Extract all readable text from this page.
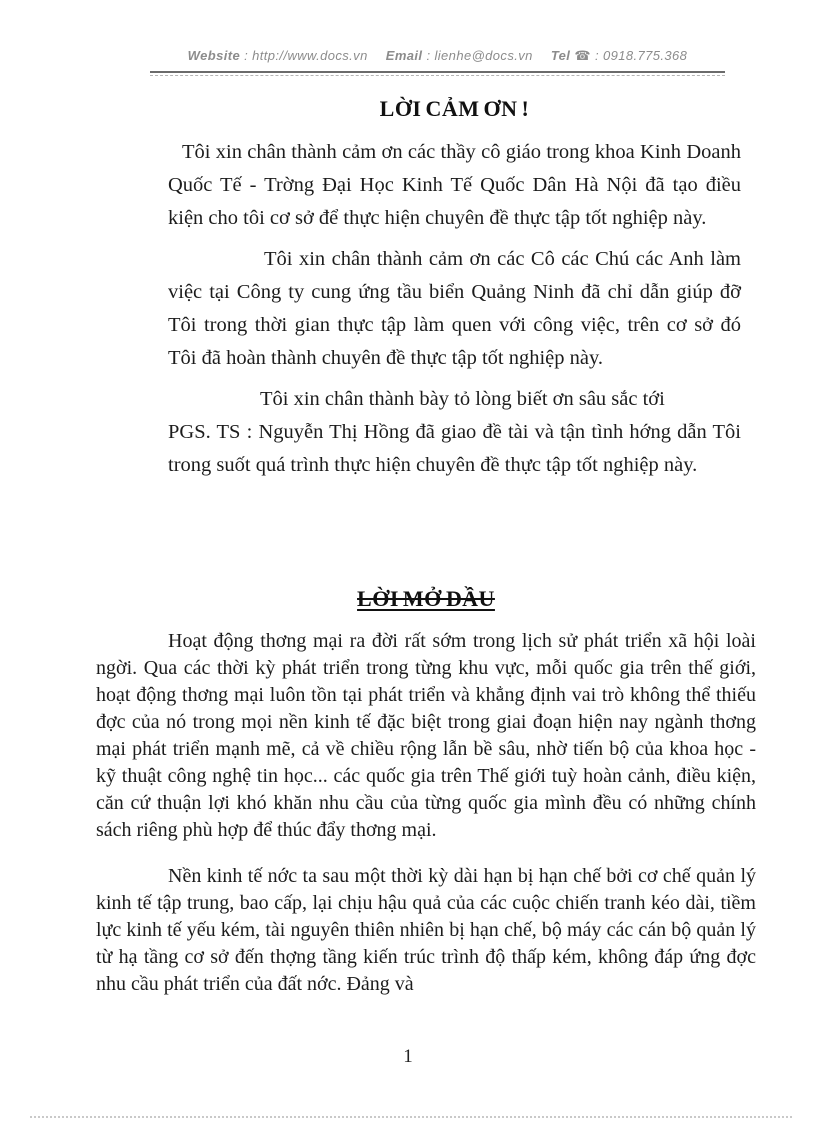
Website : http://www.docs.vn Email : lienhe@docs.vn Tel ☎ : 0918.775.368
LỜI CẢM ƠN !

Tôi xin chân thành cảm ơn các thầy cô giáo trong khoa Kinh Doanh Quốc Tế - Trờng Đại Học Kinh Tế Quốc Dân Hà Nội đã tạo điều kiện cho tôi cơ sở để thực hiện chuyên đề thực tập tốt nghiệp này.

Tôi xin chân thành cảm ơn các Cô các Chú các Anh làm việc tại Công ty cung ứng tầu biển Quảng Ninh đã chỉ dẫn giúp đỡ Tôi trong thời gian thực tập làm quen với công việc, trên cơ sở đó Tôi đã hoàn thành chuyên đề thực tập tốt nghiệp này.

Tôi xin chân thành bày tỏ lòng biết ơn sâu sắc tới
PGS. TS : Nguyễn Thị Hồng đã giao đề tài và tận tình hớng dẫn Tôi trong suốt quá trình thực hiện chuyên đề thực tập tốt nghiệp này.

LỜI MỞ ĐẦU

Hoạt động thơng mại ra đời rất sớm trong lịch sử phát triển xã hội loài ngời. Qua các thời kỳ phát triển trong từng khu vực, mỗi quốc gia trên thế giới, hoạt động thơng mại luôn tồn tại phát triển và khẳng định vai trò không thể thiếu đợc của nó trong mọi nền kinh tế đặc biệt trong giai đoạn hiện nay ngành thơng mại phát triển mạnh mẽ, cả về chiều rộng lẫn bề sâu, nhờ tiến bộ của khoa học - kỹ thuật công nghệ tin học... các quốc gia trên Thế giới tuỳ hoàn cảnh, điều kiện, căn cứ thuận lợi khó khăn nhu cầu của từng quốc gia mình đều có những chính sách riêng phù hợp để thúc đẩy thơng mại.

Nền kinh tế nớc ta sau một thời kỳ dài hạn bị hạn chế bởi cơ chế quản lý kinh tế tập trung, bao cấp, lại chịu hậu quả của các cuộc chiến tranh kéo dài, tiềm lực kinh tế yếu kém, tài nguyên thiên nhiên bị hạn chế, bộ máy các cán bộ quản lý từ hạ tầng cơ sở đến thợng tầng kiến trúc trình độ thấp kém, không đáp ứng đợc nhu cầu phát triển của đất nớc. Đảng và

1
